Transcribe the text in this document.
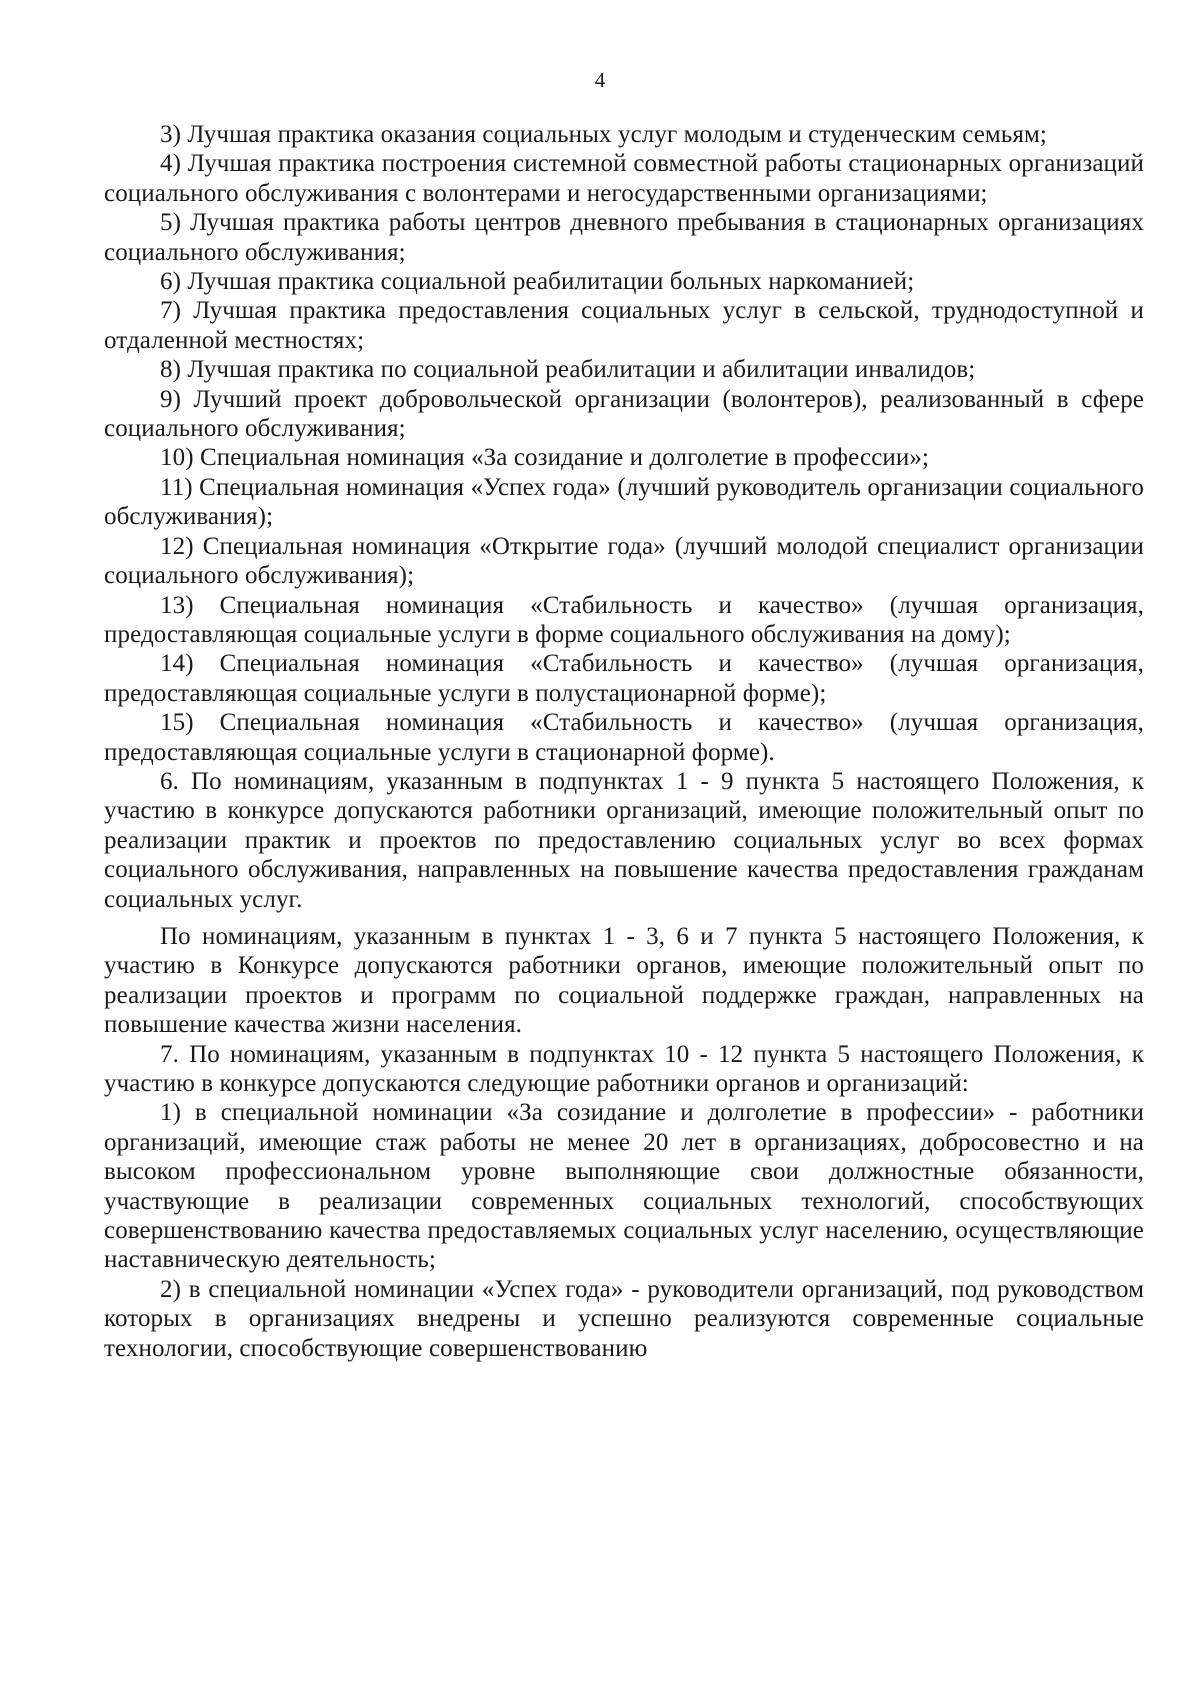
4

3) Лучшая практика оказания социальных услуг молодым и студенческим семьям;

4) Лучшая практика построения системной совместной работы стационарных организаций социального обслуживания с волонтерами и негосударственными организациями;

5) Лучшая практика работы центров дневного пребывания в стационарных организациях социального обслуживания;

6) Лучшая практика социальной реабилитации больных наркоманией;

7) Лучшая практика предоставления социальных услуг в сельской, труднодоступной и отдаленной местностях;

8) Лучшая практика по социальной реабилитации и абилитации инвалидов;

9) Лучший проект добровольческой организации (волонтеров), реализованный в сфере социального обслуживания;

10) Специальная номинация «За созидание и долголетие в профессии»;

11) Специальная номинация «Успех года» (лучший руководитель организации социального обслуживания);

12) Специальная номинация «Открытие года» (лучший молодой специалист организации социального обслуживания);

13) Специальная номинация «Стабильность и качество» (лучшая организация, предоставляющая социальные услуги в форме социального обслуживания на дому);

14) Специальная номинация «Стабильность и качество» (лучшая организация, предоставляющая социальные услуги в полустационарной форме);

15) Специальная номинация «Стабильность и качество» (лучшая организация, предоставляющая социальные услуги в стационарной форме).

6. По номинациям, указанным в подпунктах 1 - 9 пункта 5 настоящего Положения, к участию в конкурсе допускаются работники организаций, имеющие положительный опыт по реализации практик и проектов по предоставлению социальных услуг во всех формах социального обслуживания, направленных на повышение качества предоставления гражданам социальных услуг.

По номинациям, указанным в пунктах 1 - 3, 6 и 7 пункта 5 настоящего Положения, к участию в Конкурсе допускаются работники органов, имеющие положительный опыт по реализации проектов и программ по социальной поддержке граждан, направленных на повышение качества жизни населения.

7. По номинациям, указанным в подпунктах 10 - 12 пункта 5 настоящего Положения, к участию в конкурсе допускаются следующие работники органов и организаций:

1) в специальной номинации «За созидание и долголетие в профессии» - работники организаций, имеющие стаж работы не менее 20 лет в организациях, добросовестно и на высоком профессиональном уровне выполняющие свои должностные обязанности, участвующие в реализации современных социальных технологий, способствующих совершенствованию качества предоставляемых социальных услуг населению, осуществляющие наставническую деятельность;

2) в специальной номинации «Успех года» - руководители организаций, под руководством которых в организациях внедрены и успешно реализуются современные социальные технологии, способствующие совершенствованию
